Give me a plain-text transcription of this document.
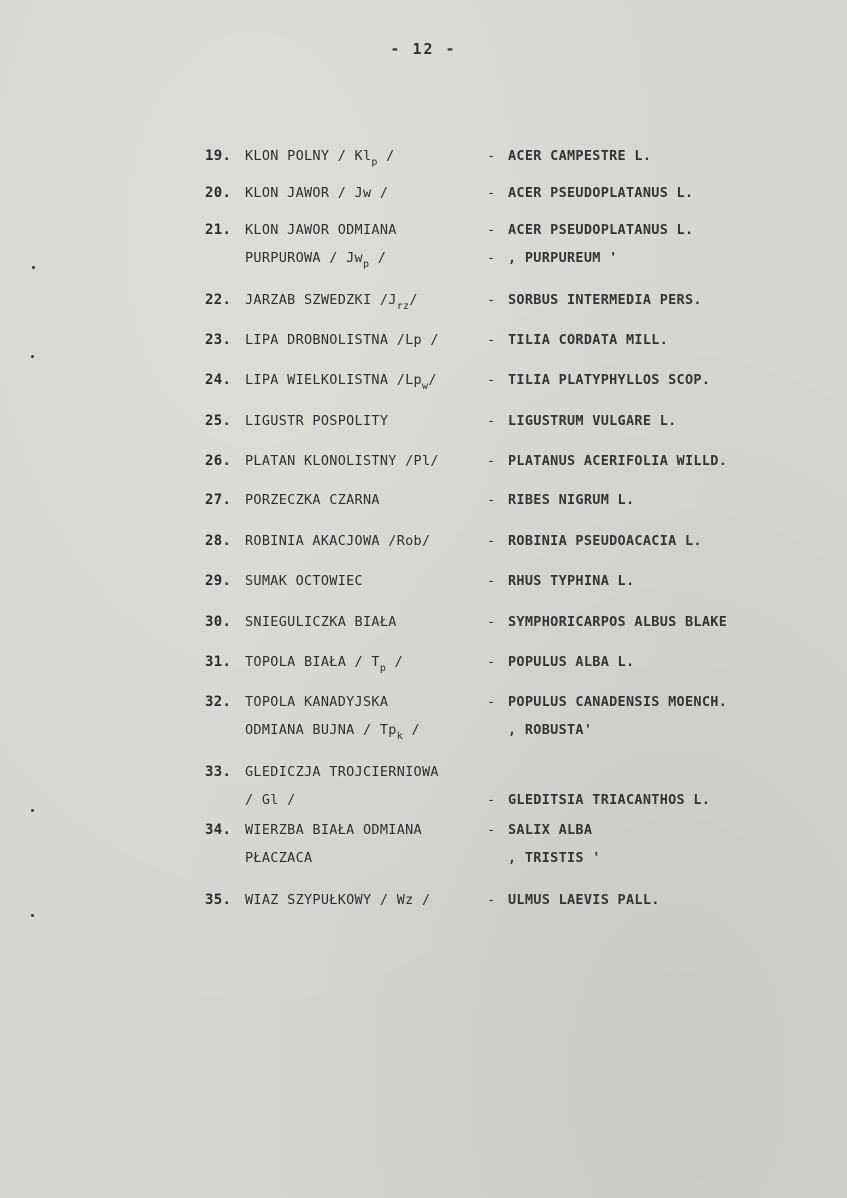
- 12 -
19.	KLON POLNY / $Kl_p$ /	- ACER CAMPESTRE L.
20.	KLON JAWOR / Jw /	- ACER PSEUDOPLATANUS L.
21.	KLON JAWOR ODMIANA	- ACER PSEUDOPLATANUS L.
PURPUROWA / $Jw_p$ /	- , PURPUREUM '
22.	JARZAB SZWEDZKI $/J_{rz}/$	- SORBUS INTERMEDIA PERS.
23.	LIPA DROBNOLISTNA /Lp /	- TILIA CORDATA MILL.
24.	LIPA WIELKOLISTNA $/Lp_w/$	- TILIA PLATYPHYLLOS SCOP.
25.	LIGUSTR POSPOLITY	- LIGUSTRUM VULGARE L.
26.	PLATAN KLONOLISTNY /Pl/	- PLATANUS ACERIFOLIA WILLD.
27.	PORZECZKA CZARNA	- RIBES NIGRUM L.
28.	ROBINIA AKACJOWA /Rob/	- ROBINIA PSEUDOACACIA L.
29.	SUMAK OCTOWIEC	- RHUS TYPHINA L.
30.	SNIEGULICZKA BIAŁA	- SYMPHORICARPOS ALBUS BLAKE
31.	TOPOLA BIAŁA / $T_p$ /	- POPULUS ALBA L.
32.	TOPOLA KANADYJSKA	- POPULUS CANADENSIS MOENCH.
ODMIANA BUJNA / $Tp_k$ /	, ROBUSTA'
33.	GLEDICZJA TROJCIERNIOWA
/ Gl /	- GLEDITSIA TRIACANTHOS L.
34.	WIERZBA BIAŁA ODMIANA	- SALIX ALBA
PŁACZACA	, TRISTIS '
35.	WIAZ SZYPUŁKOWY / Wz /	- ULMUS LAEVIS PALL.
